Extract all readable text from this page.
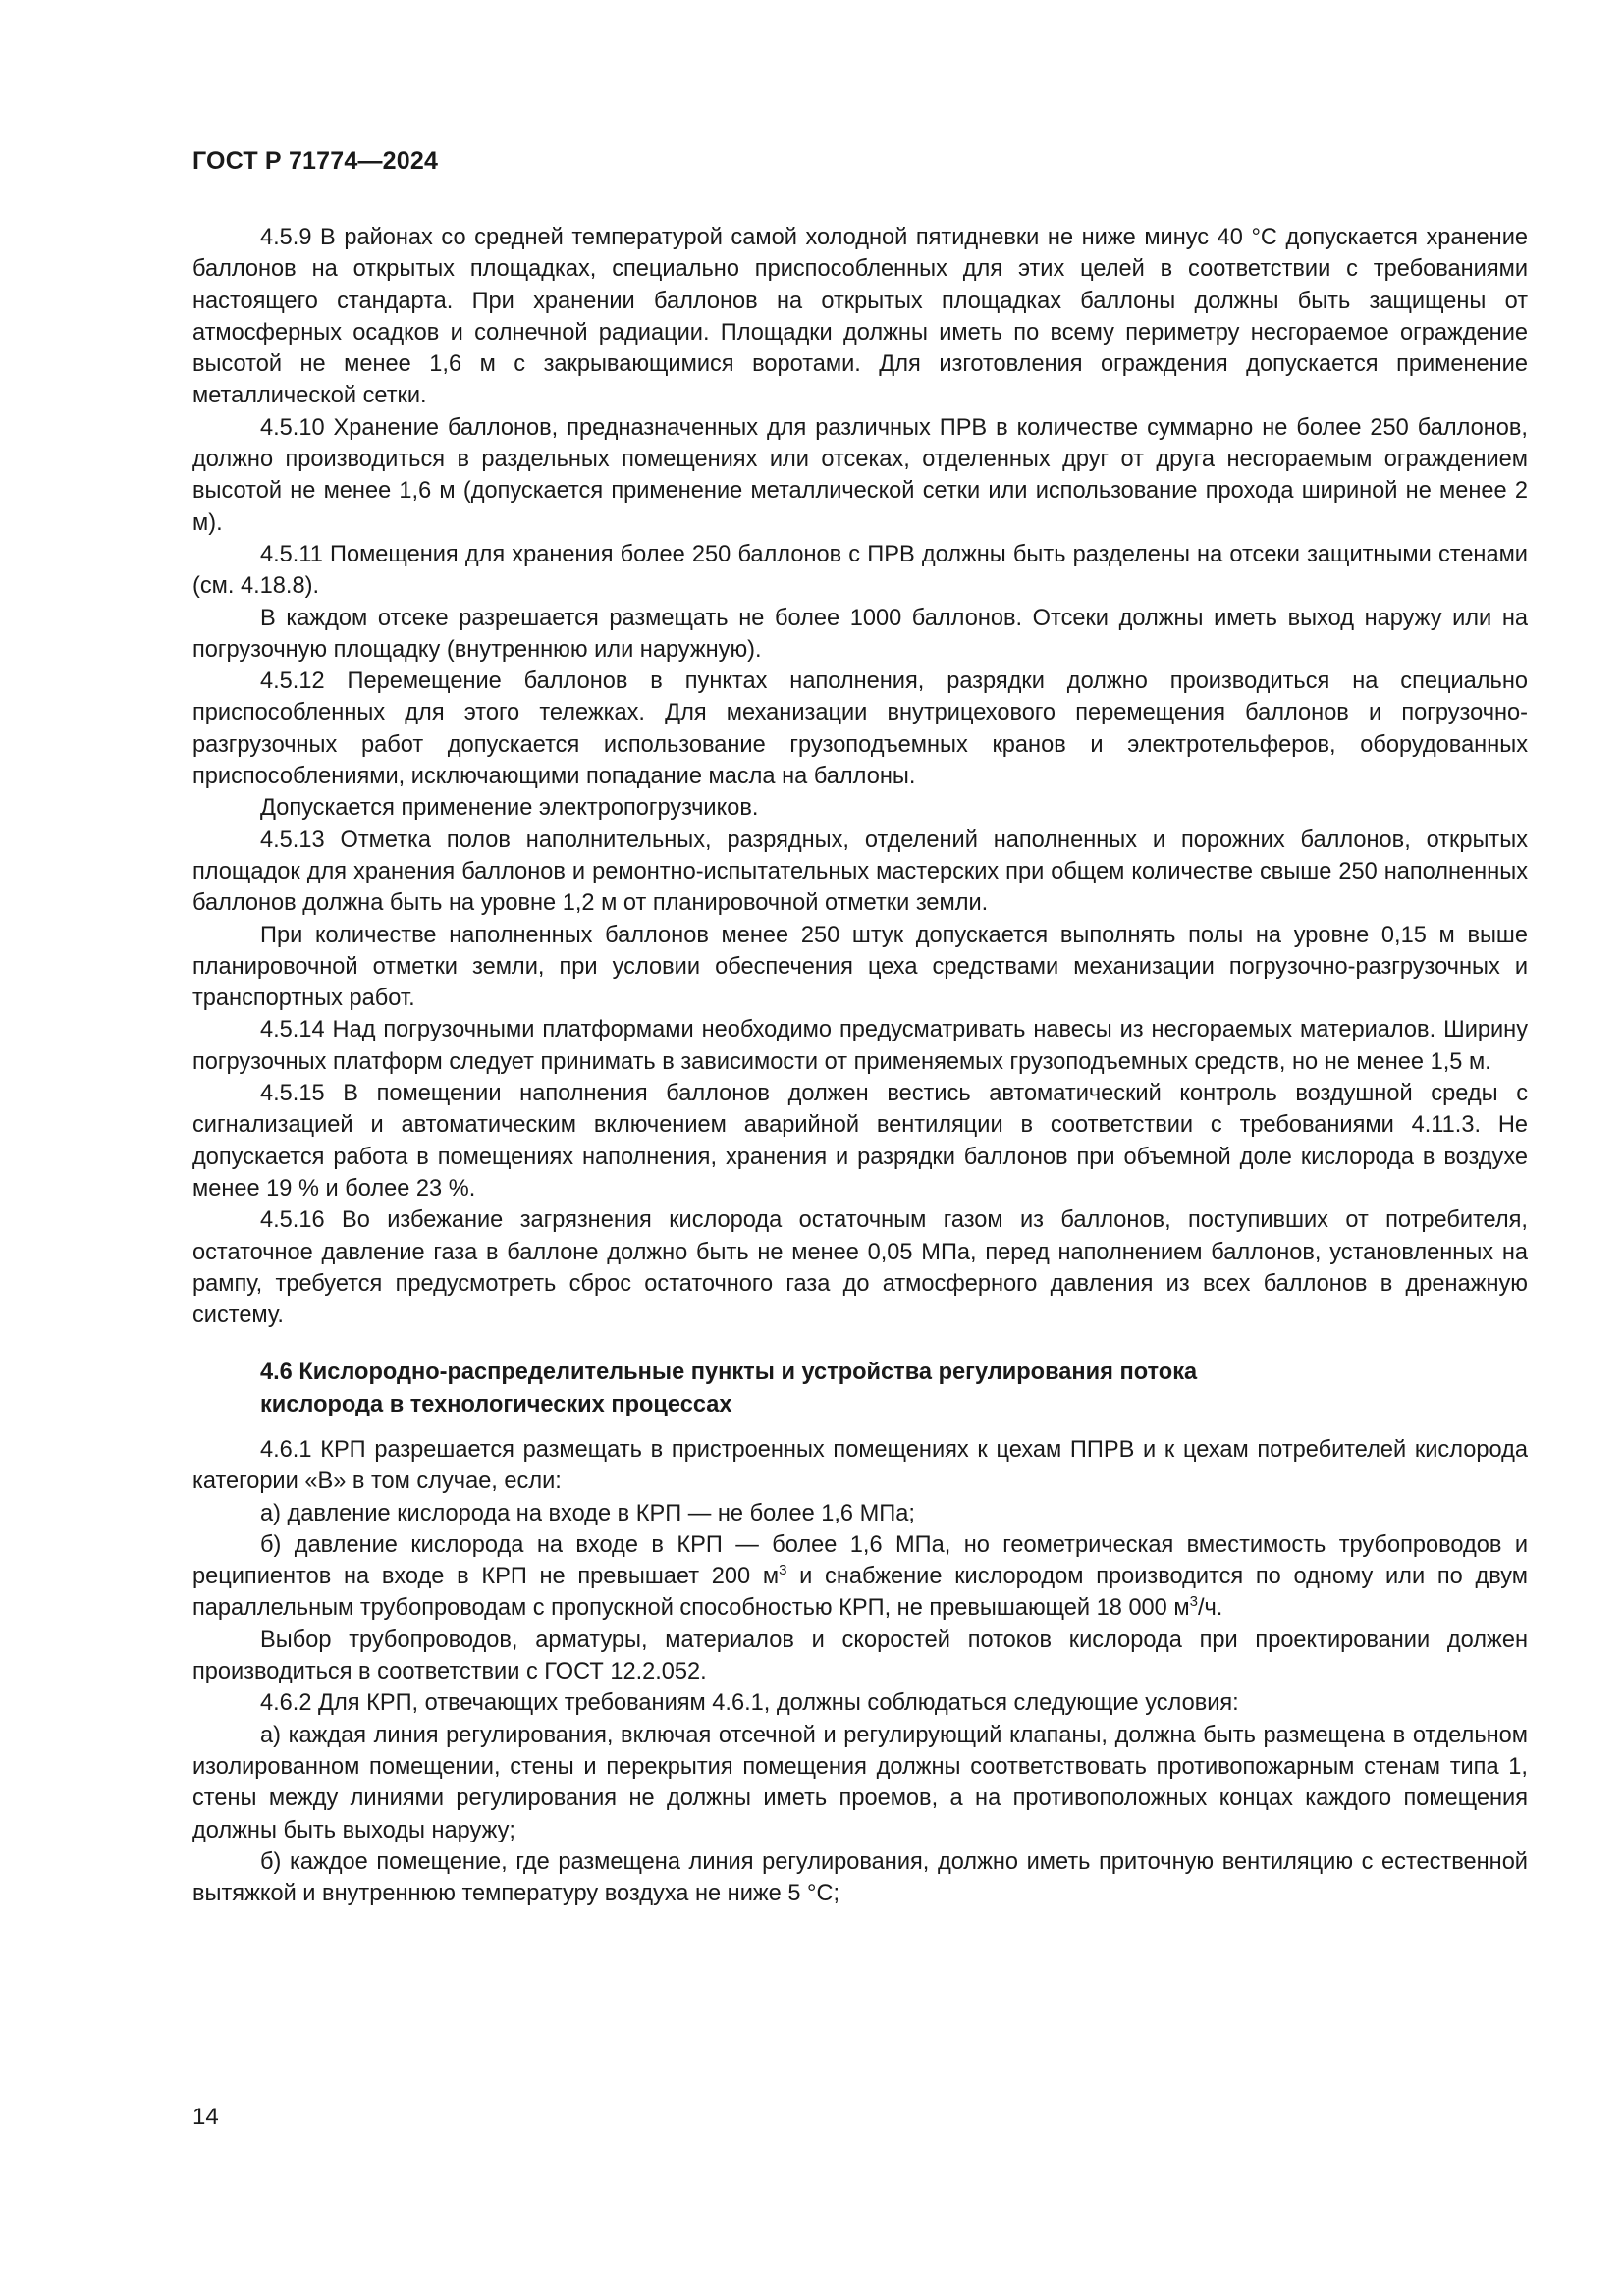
ГОСТ Р 71774—2024

4.5.9 В районах со средней температурой самой холодной пятидневки не ниже минус 40 °С допускается хранение баллонов на открытых площадках, специально приспособленных для этих целей в соответствии с требованиями настоящего стандарта. При хранении баллонов на открытых площадках баллоны должны быть защищены от атмосферных осадков и солнечной радиации. Площадки должны иметь по всему периметру несгораемое ограждение высотой не менее 1,6 м с закрывающимися воротами. Для изготовления ограждения допускается применение металлической сетки.

4.5.10 Хранение баллонов, предназначенных для различных ПРВ в количестве суммарно не более 250 баллонов, должно производиться в раздельных помещениях или отсеках, отделенных друг от друга несгораемым ограждением высотой не менее 1,6 м (допускается применение металлической сетки или использование прохода шириной не менее 2 м).

4.5.11 Помещения для хранения более 250 баллонов с ПРВ должны быть разделены на отсеки защитными стенами (см. 4.18.8).

В каждом отсеке разрешается размещать не более 1000 баллонов. Отсеки должны иметь выход наружу или на погрузочную площадку (внутреннюю или наружную).

4.5.12 Перемещение баллонов в пунктах наполнения, разрядки должно производиться на специально приспособленных для этого тележках. Для механизации внутрицехового перемещения баллонов и погрузочно-разгрузочных работ допускается использование грузоподъемных кранов и электротельферов, оборудованных приспособлениями, исключающими попадание масла на баллоны.

Допускается применение электропогрузчиков.

4.5.13 Отметка полов наполнительных, разрядных, отделений наполненных и порожних баллонов, открытых площадок для хранения баллонов и ремонтно-испытательных мастерских при общем количестве свыше 250 наполненных баллонов должна быть на уровне 1,2 м от планировочной отметки земли.

При количестве наполненных баллонов менее 250 штук допускается выполнять полы на уровне 0,15 м выше планировочной отметки земли, при условии обеспечения цеха средствами механизации погрузочно-разгрузочных и транспортных работ.

4.5.14 Над погрузочными платформами необходимо предусматривать навесы из несгораемых материалов. Ширину погрузочных платформ следует принимать в зависимости от применяемых грузоподъемных средств, но не менее 1,5 м.

4.5.15 В помещении наполнения баллонов должен вестись автоматический контроль воздушной среды с сигнализацией и автоматическим включением аварийной вентиляции в соответствии с требованиями 4.11.3. Не допускается работа в помещениях наполнения, хранения и разрядки баллонов при объемной доле кислорода в воздухе менее 19 % и более 23 %.

4.5.16 Во избежание загрязнения кислорода остаточным газом из баллонов, поступивших от потребителя, остаточное давление газа в баллоне должно быть не менее 0,05 МПа, перед наполнением баллонов, установленных на рампу, требуется предусмотреть сброс остаточного газа до атмосферного давления из всех баллонов в дренажную систему.

4.6 Кислородно-распределительные пункты и устройства регулирования потока
кислорода в технологических процессах

4.6.1 КРП разрешается размещать в пристроенных помещениях к цехам ППРВ и к цехам потребителей кислорода категории «В» в том случае, если:

а) давление кислорода на входе в КРП — не более 1,6 МПа;

б) давление кислорода на входе в КРП — более 1,6 МПа, но геометрическая вместимость трубопроводов и реципиентов на входе в КРП не превышает 200 $м^3$ и снабжение кислородом производится по одному или по двум параллельным трубопроводам с пропускной способностью КРП, не превышающей 18 000 $м^3/ч$.

Выбор трубопроводов, арматуры, материалов и скоростей потоков кислорода при проектировании должен производиться в соответствии с ГОСТ 12.2.052.

4.6.2 Для КРП, отвечающих требованиям 4.6.1, должны соблюдаться следующие условия:

а) каждая линия регулирования, включая отсечной и регулирующий клапаны, должна быть размещена в отдельном изолированном помещении, стены и перекрытия помещения должны соответствовать противопожарным стенам типа 1, стены между линиями регулирования не должны иметь проемов, а на противоположных концах каждого помещения должны быть выходы наружу;

б) каждое помещение, где размещена линия регулирования, должно иметь приточную вентиляцию с естественной вытяжкой и внутреннюю температуру воздуха не ниже 5 °С;

14
